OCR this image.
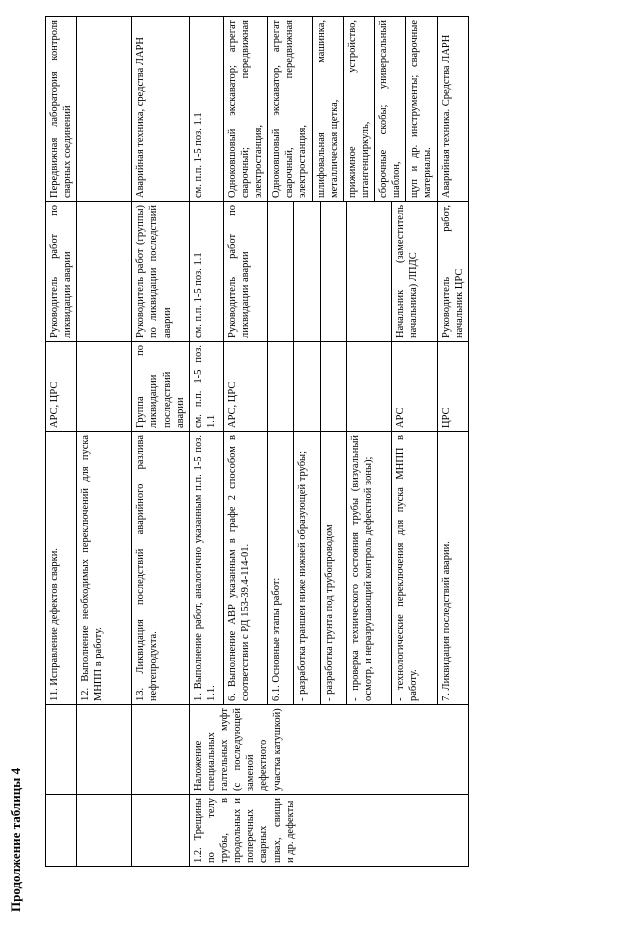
Продолжение таблицы 4
		11. Исправление дефектов сварки.	АРС, ЦРС	Руководитель работ по ликвидации аварии	Передвижная лаборатория контроля сварных соединений
		12. Выполнение необходимых переключений для пуска МНПП в работу.			
		13. Ликвидация последствий аварийного разлива нефтепродукта.	Группа по ликвидации последствий аварии	Руководитель работ (группы) по ликвидации последствий аварии	Аварийная техника, средства ЛАРН
1.2. Трещины по телу трубы, в продольных и поперечных сварных швах, свищи и др. дефекты	Наложение специальных галтельных муфт (с последующей заменой дефектного участка катушкой)	1. Выполнение работ, аналогично указанным п.п. 1-5 поз. 1.1.	см. п.п. 1-5 поз. 1.1	см. п.п. 1-5 поз. 1.1	см. п.п. 1-5 поз. 1.1
		6. Выполнение АВР указанным в графе 2 способом в соответствии с РД 153-39.4-114-01.	АРС, ЦРС	Руководитель работ по ликвидации аварии	Одноковшовый экскаватор; агрегат сварочный; передвижная электростанция,
		6.1. Основные этапы работ:			Одноковшовый экскаватор, агрегат сварочный, передвижная электростанция, шлифовальная машинка, металлическая щетка, прижимное устройство, штангенциркуль, сборочные скобы; универсальный шаблон, щуп и др. инструменты; сварочные материалы.

		- разработка траншеи ниже нижней образующей трубы;			
		- разработка грунта под трубопроводом			
		- проверка технического состояния трубы (визуальный осмотр, и неразрушающий контроль дефектной зоны);			
		- технологические переключения для пуска МНПП в работу.	АРС	Начальник (заместитель начальника) ЛПДС	
		7. Ликвидация последствий аварии.	ЦРС	Руководитель работ, начальник ЦРС	Аварийная техника. Средства ЛАРН
